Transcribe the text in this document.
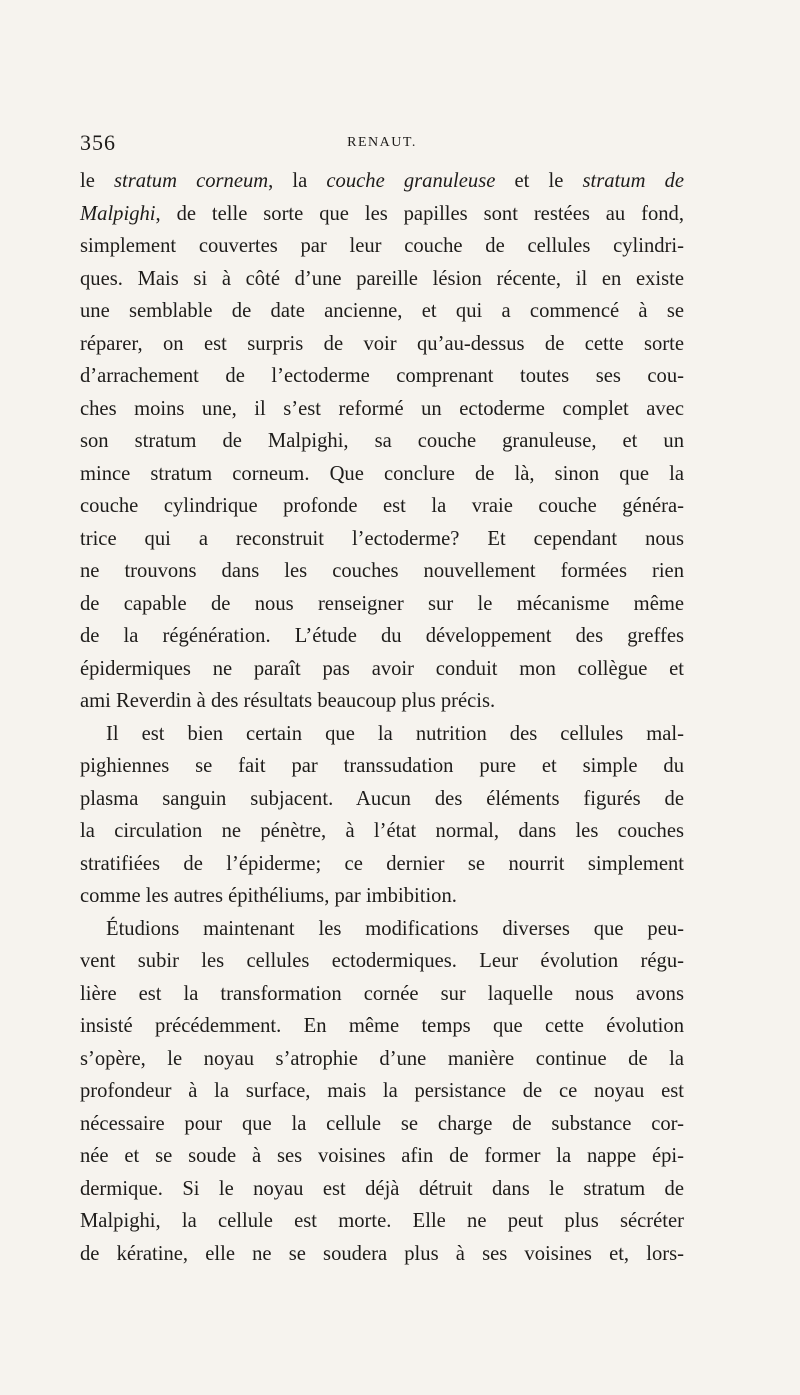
356	RENAUT.
le stratum corneum, la couche granuleuse et le stratum de
Malpighi, de telle sorte que les papilles sont restées au fond,
simplement couvertes par leur couche de cellules cylindri-
ques. Mais si à côté d’une pareille lésion récente, il en existe
une semblable de date ancienne, et qui a commencé à se
réparer, on est surpris de voir qu’au-dessus de cette sorte
d’arrachement de l’ectoderme comprenant toutes ses cou-
ches moins une, il s’est reformé un ectoderme complet avec
son stratum de Malpighi, sa couche granuleuse, et un
mince stratum corneum. Que conclure de là, sinon que la
couche cylindrique profonde est la vraie couche généra-
trice qui a reconstruit l’ectoderme? Et cependant nous
ne trouvons dans les couches nouvellement formées rien
de capable de nous renseigner sur le mécanisme même
de la régénération. L’étude du développement des greffes
épidermiques ne paraît pas avoir conduit mon collègue et
ami Reverdin à des résultats beaucoup plus précis.
Il est bien certain que la nutrition des cellules mal-
pighiennes se fait par transsudation pure et simple du
plasma sanguin subjacent. Aucun des éléments figurés de
la circulation ne pénètre, à l’état normal, dans les couches
stratifiées de l’épiderme; ce dernier se nourrit simplement
comme les autres épithéliums, par imbibition.
Étudions maintenant les modifications diverses que peu-
vent subir les cellules ectodermiques. Leur évolution régu-
lière est la transformation cornée sur laquelle nous avons
insisté précédemment. En même temps que cette évolution
s’opère, le noyau s’atrophie d’une manière continue de la
profondeur à la surface, mais la persistance de ce noyau est
nécessaire pour que la cellule se charge de substance cor-
née et se soude à ses voisines afin de former la nappe épi-
dermique. Si le noyau est déjà détruit dans le stratum de
Malpighi, la cellule est morte. Elle ne peut plus sécréter
de kératine, elle ne se soudera plus à ses voisines et, lors-
